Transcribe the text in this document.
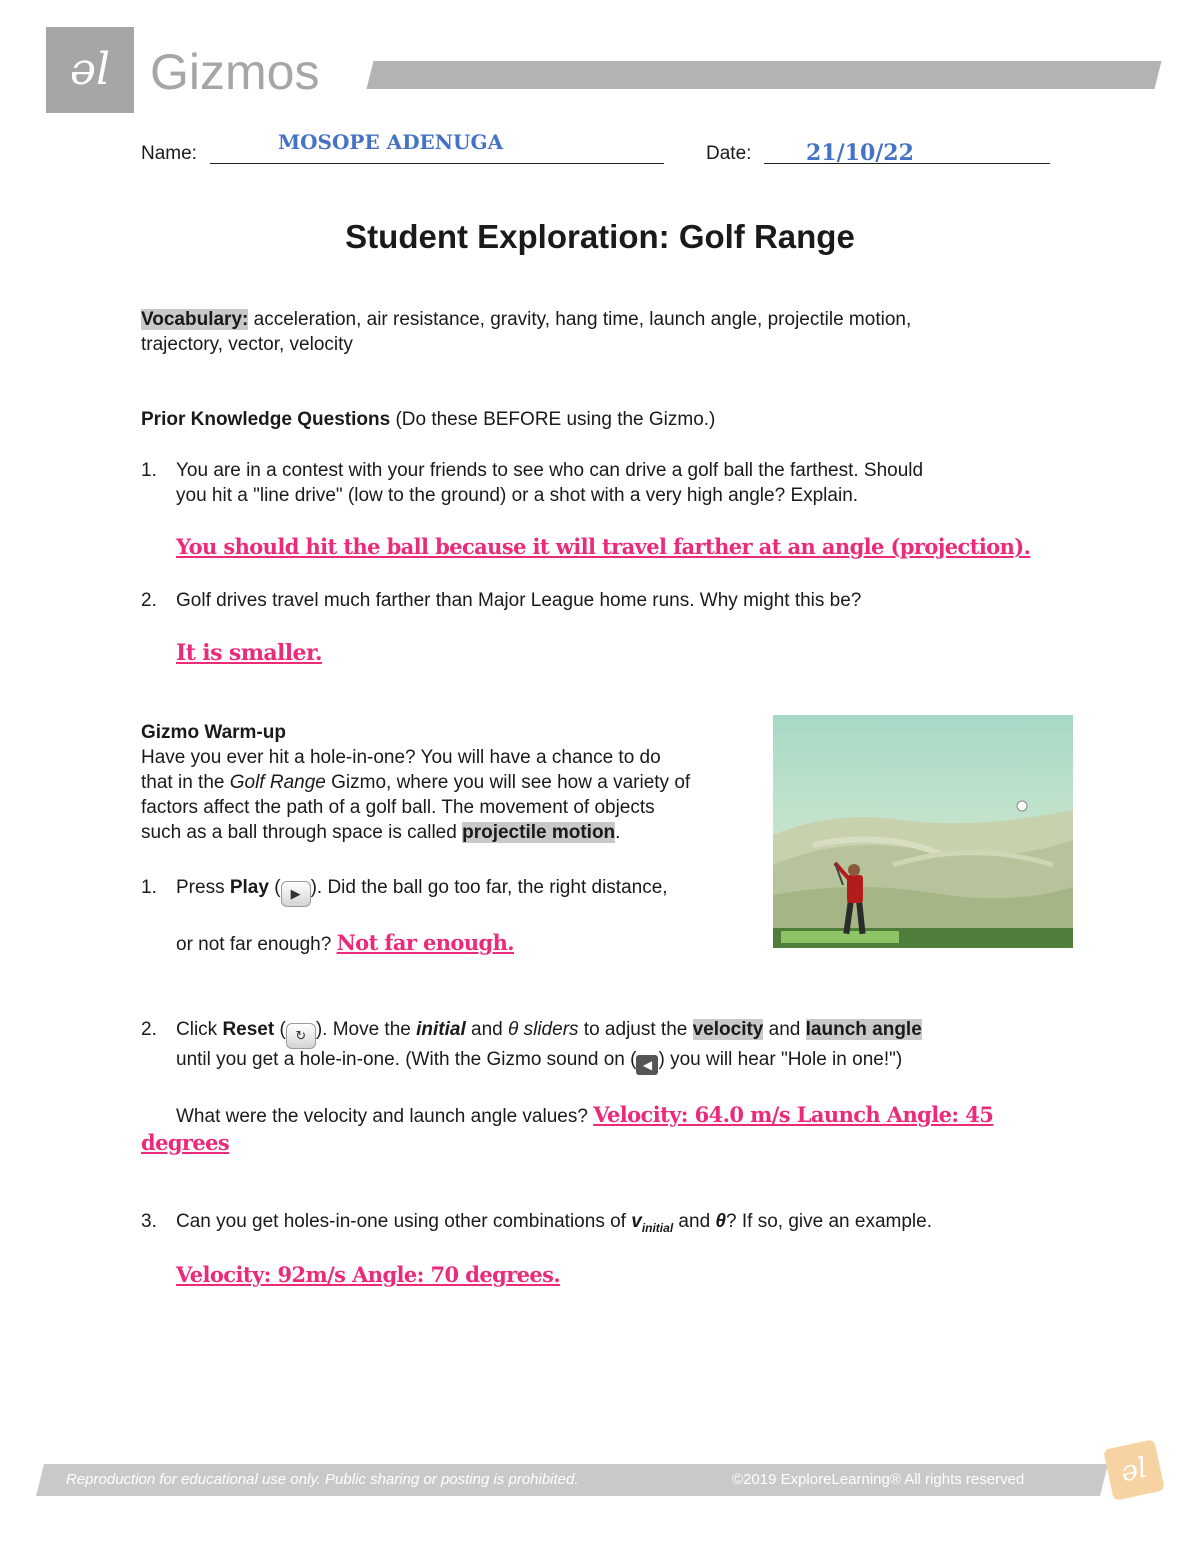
ǝl Gizmos
Name:	MOSOPE ADENUGA	Date: 21/10/22
Student Exploration: Golf Range
Vocabulary: acceleration, air resistance, gravity, hang time, launch angle, projectile motion,
trajectory, vector, velocity
Prior Knowledge Questions (Do these BEFORE using the Gizmo.)
1.	You are in a contest with your friends to see who can drive a golf ball the farthest. Should
you hit a "line drive" (low to the ground) or a shot with a very high angle? Explain.
You should hit the ball because it will travel farther at an angle (projection).
2.	Golf drives travel much farther than Major League home runs. Why might this be?
It is smaller.
Gizmo Warm-up
Have you ever hit a hole-in-one? You will have a chance to do
that in the Golf Range Gizmo, where you will see how a variety of
factors affect the path of a golf ball. The movement of objects
such as a ball through space is called projectile motion.
1.	Press Play ( ▶ ). Did the ball go too far, the right distance,
or not far enough? Not far enough.
2.	Click Reset ( ↻ ). Move the initial and θ sliders to adjust the velocity and launch angle
until you get a hole-in-one. (With the Gizmo sound on ( ◀ ) you will hear "Hole in one!")
What were the velocity and launch angle values? Velocity: 64.0 m/s Launch Angle: 45
degrees
3.	Can you get holes-in-one using other combinations of $v_{initial}$ and θ? If so, give an example.
Velocity: 92m/s Angle: 70 degrees.
Reproduction for educational use only. Public sharing or posting is prohibited.	©2019 ExploreLearning® All rights reserved	ǝl
